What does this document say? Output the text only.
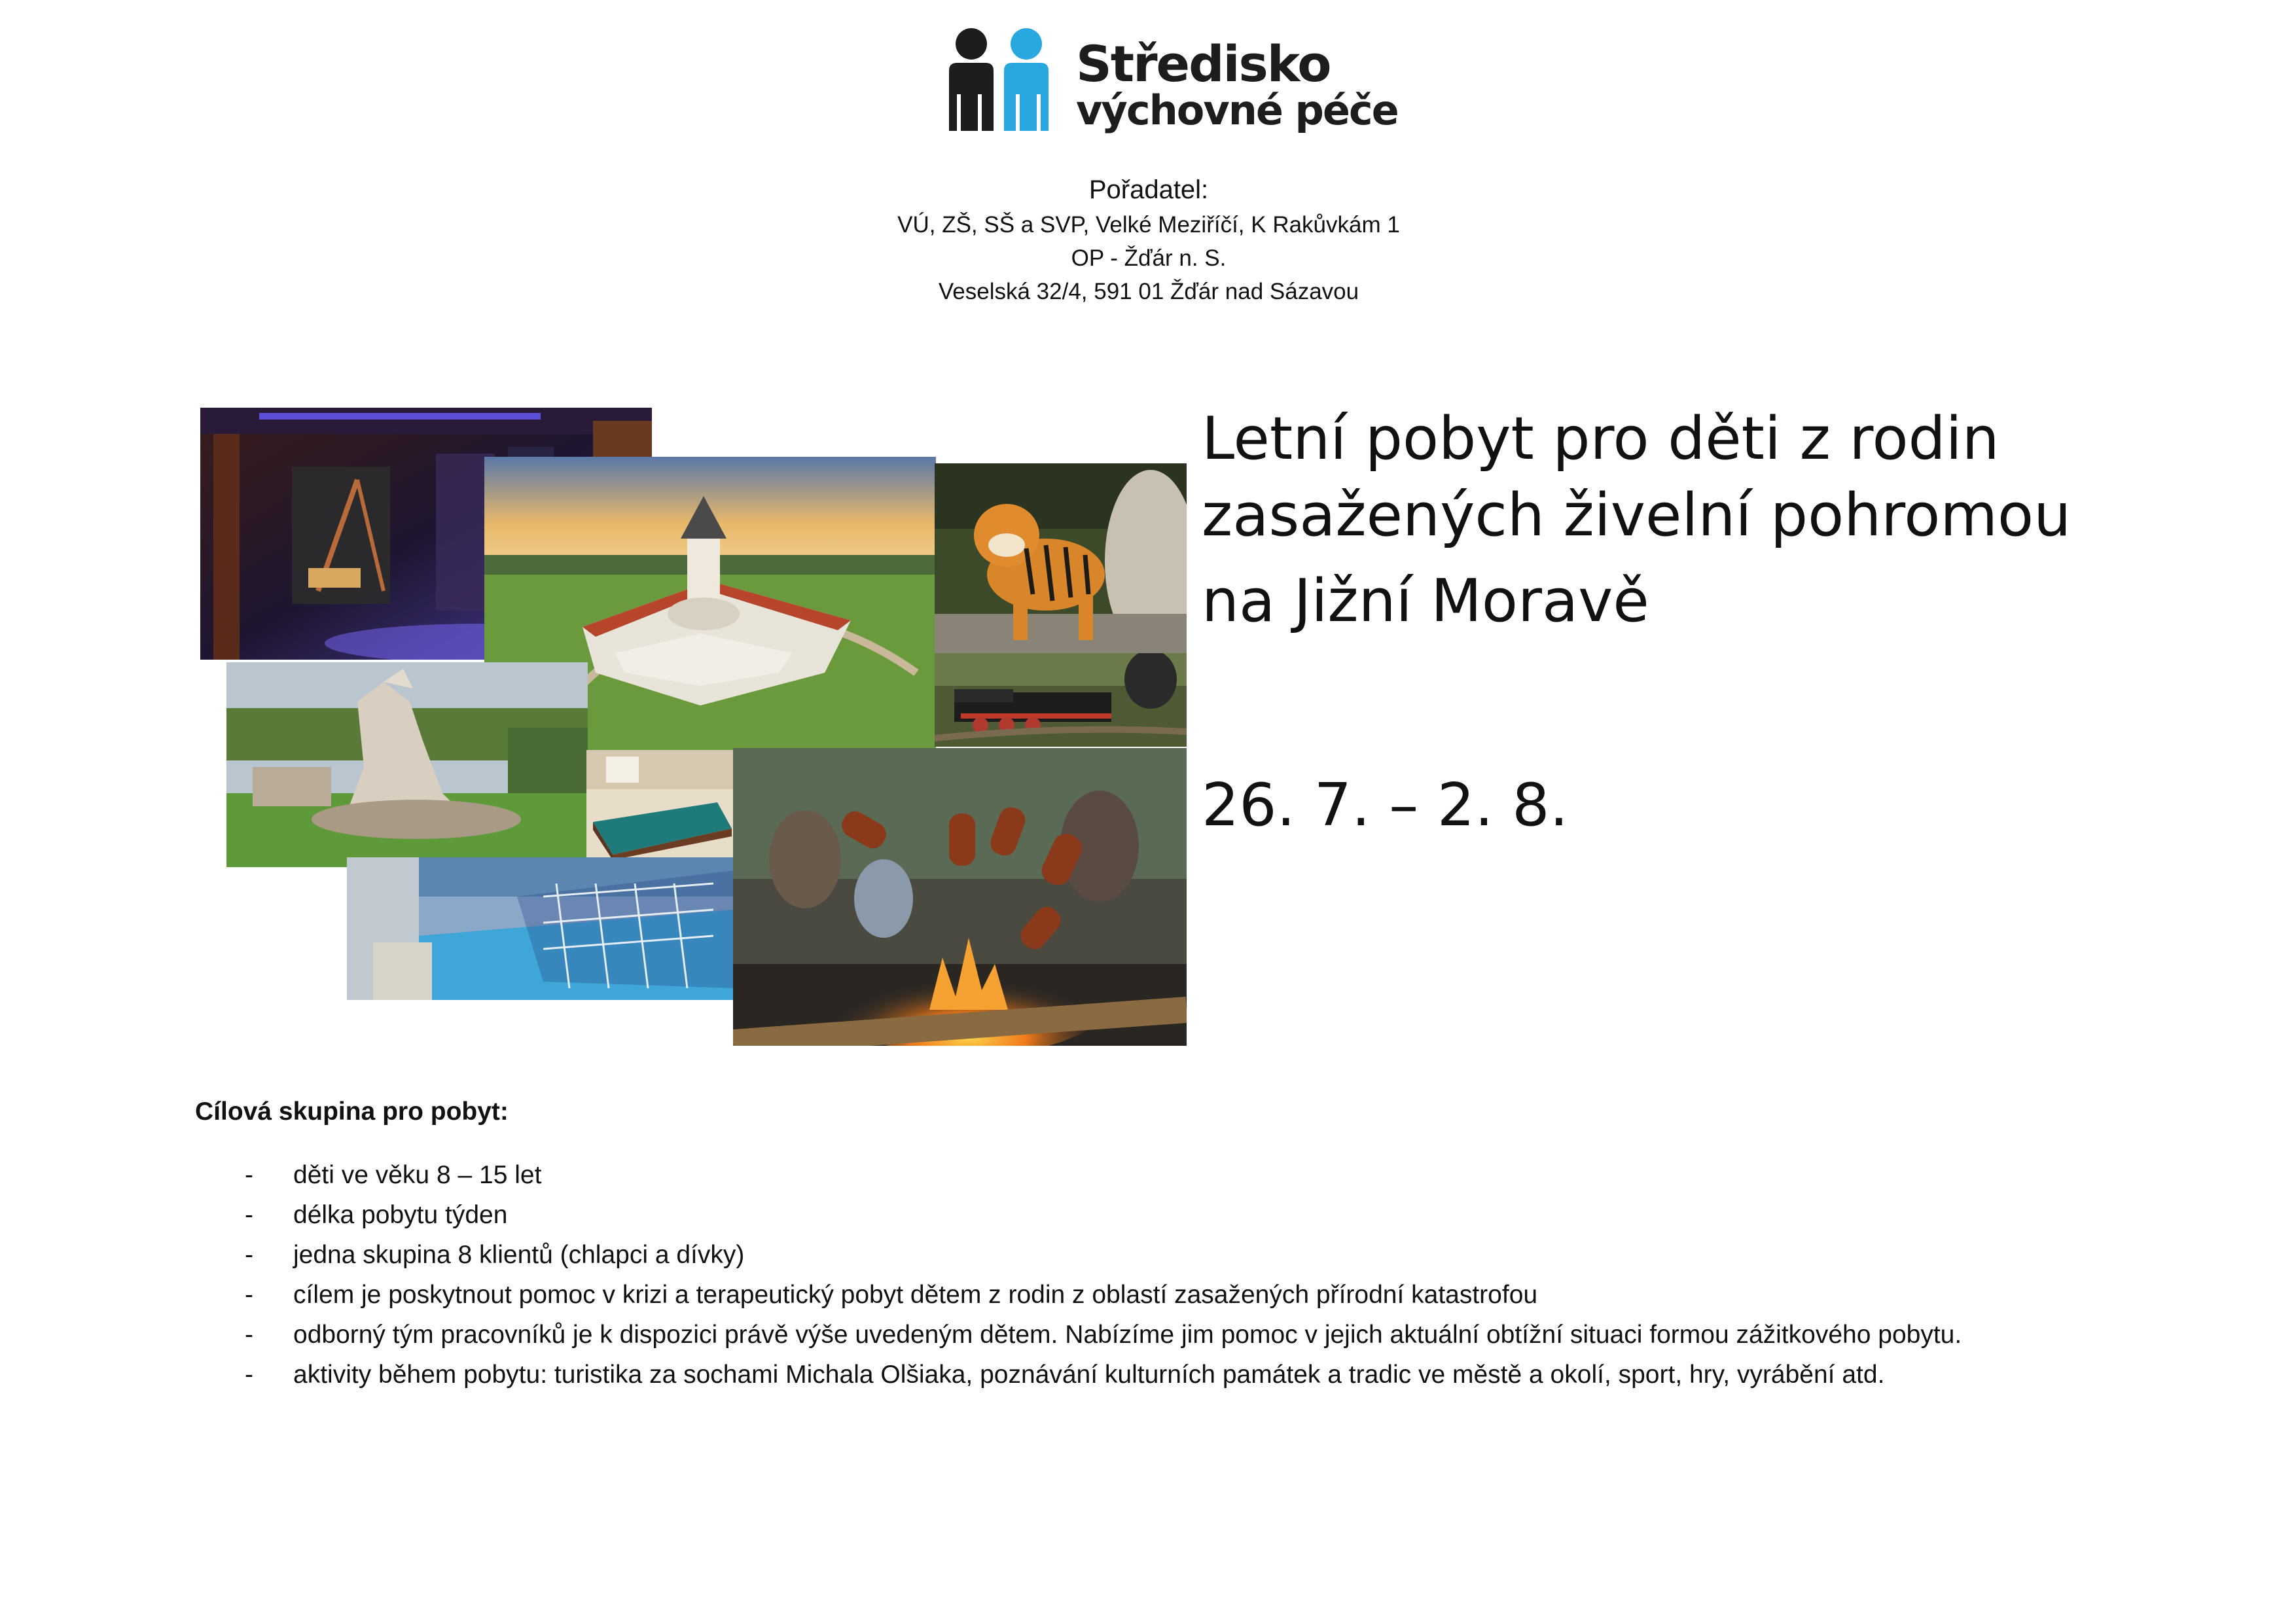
Středisko
výchovné péče
Pořadatel:
VÚ, ZŠ, SŠ a SVP, Velké Meziříčí, K Rakůvkám 1
OP - Žďár n. S.
Veselská 32/4, 591 01 Žďár nad Sázavou
Letní pobyt pro děti z rodin
zasažených živelní pohromou
na Jižní Moravě
26. 7. – 2. 8.
Cílová skupina pro pobyt:
- děti ve věku 8 – 15 let
- délka pobytu týden
- jedna skupina 8 klientů (chlapci a dívky)
- cílem je poskytnout pomoc v krizi a terapeutický pobyt dětem z rodin z oblastí zasažených přírodní katastrofou
- odborný tým pracovníků je k dispozici právě výše uvedeným dětem. Nabízíme jim pomoc v jejich aktuální obtížní situaci formou zážitkového pobytu.
- aktivity během pobytu: turistika za sochami Michala Olšiaka, poznávání kulturních památek a tradic ve městě a okolí, sport, hry, vyrábění atd.
